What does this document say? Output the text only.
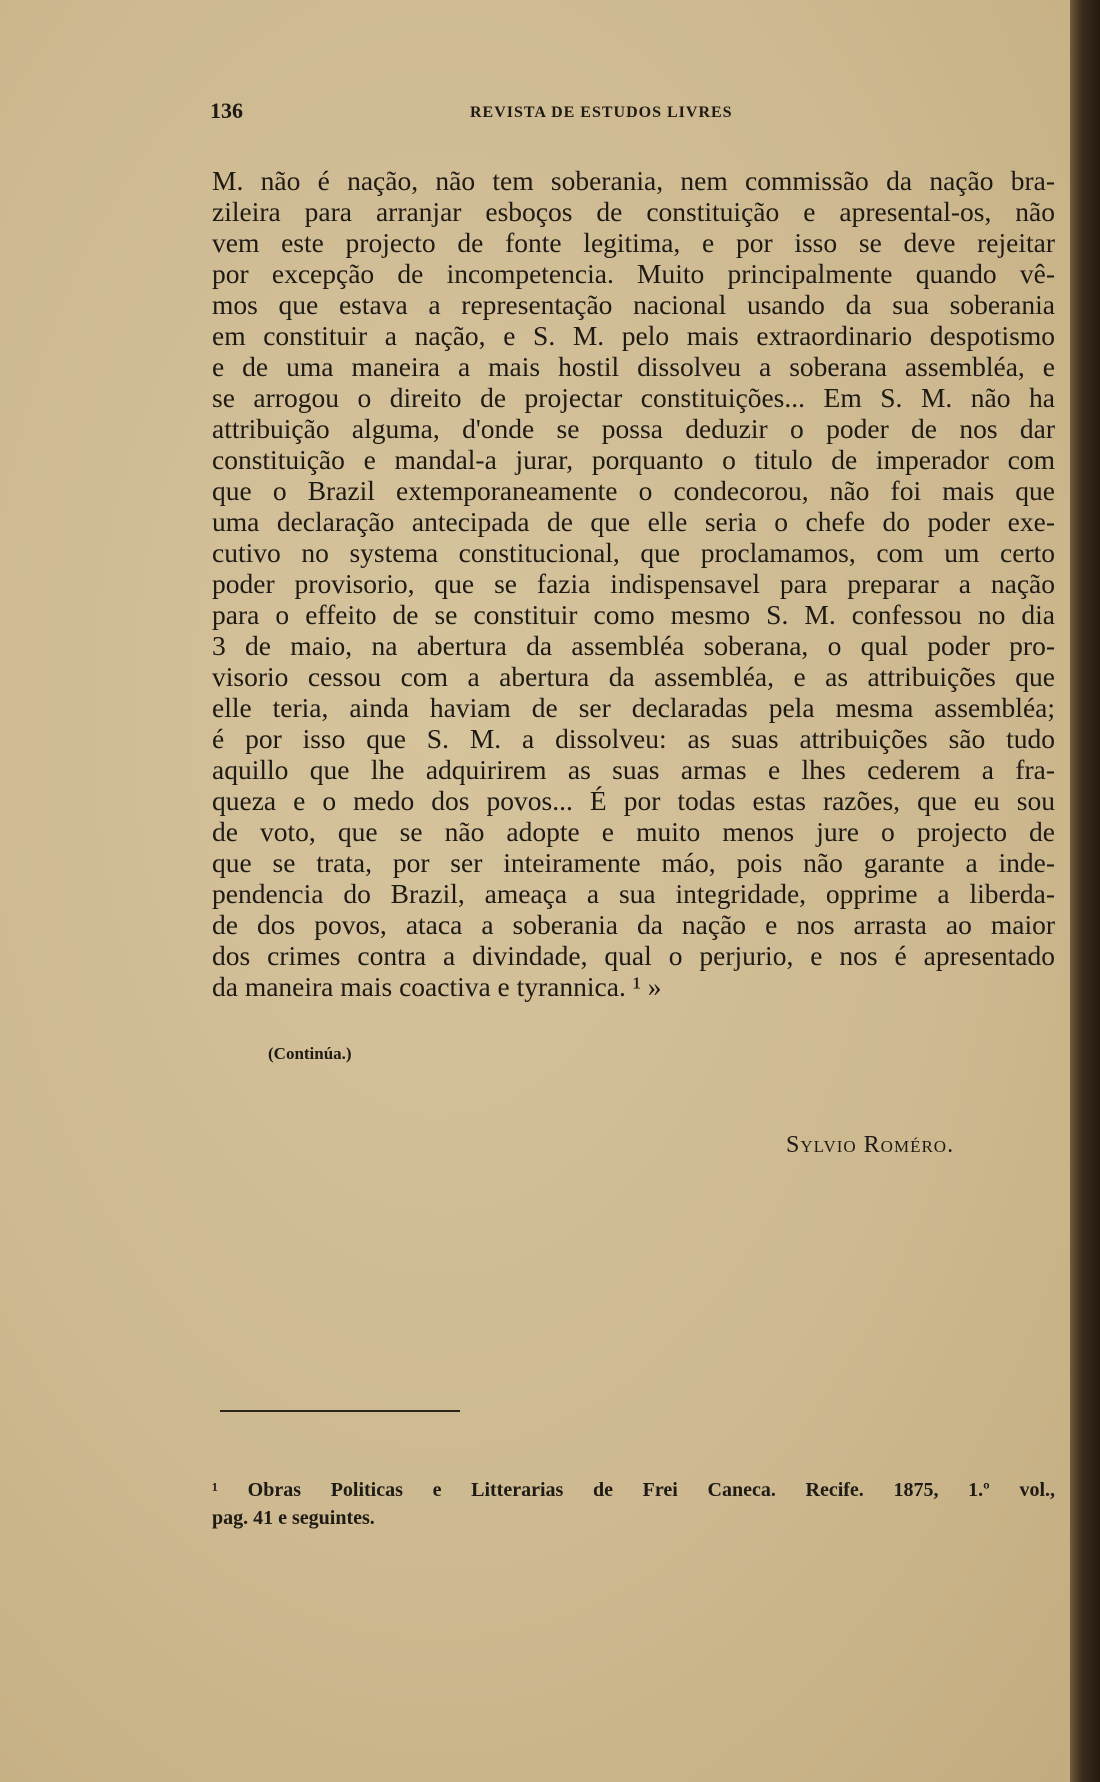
136	REVISTA DE ESTUDOS LIVRES
M. não é nação, não tem soberania, nem commissão da nação bra-
zileira para arranjar esboços de constituição e apresental-os, não
vem este projecto de fonte legitima, e por isso se deve rejeitar
por excepção de incompetencia. Muito principalmente quando vê-
mos que estava a representação nacional usando da sua soberania
em constituir a nação, e S. M. pelo mais extraordinario despotismo
e de uma maneira a mais hostil dissolveu a soberana assembléa, e
se arrogou o direito de projectar constituições... Em S. M. não ha
attribuição alguma, d'onde se possa deduzir o poder de nos dar
constituição e mandal-a jurar, porquanto o titulo de imperador com
que o Brazil extemporaneamente o condecorou, não foi mais que
uma declaração antecipada de que elle seria o chefe do poder exe-
cutivo no systema constitucional, que proclamamos, com um certo
poder provisorio, que se fazia indispensavel para preparar a nação
para o effeito de se constituir como mesmo S. M. confessou no dia
3 de maio, na abertura da assembléa soberana, o qual poder pro-
visorio cessou com a abertura da assembléa, e as attribuições que
elle teria, ainda haviam de ser declaradas pela mesma assembléa;
é por isso que S. M. a dissolveu: as suas attribuições são tudo
aquillo que lhe adquirirem as suas armas e lhes cederem a fra-
queza e o medo dos povos... É por todas estas razões, que eu sou
de voto, que se não adopte e muito menos jure o projecto de
que se trata, por ser inteiramente máo, pois não garante a inde-
pendencia do Brazil, ameaça a sua integridade, opprime a liberda-
de dos povos, ataca a soberania da nação e nos arrasta ao maior
dos crimes contra a divindade, qual o perjurio, e nos é apresentado
da maneira mais coactiva e tyrannica. ¹ »
(Continúa.)
Sylvio Roméro.
¹ Obras Politicas e Litterarias de Frei Caneca. Recife. 1875, 1.º vol.,
pag. 41 e seguintes.
